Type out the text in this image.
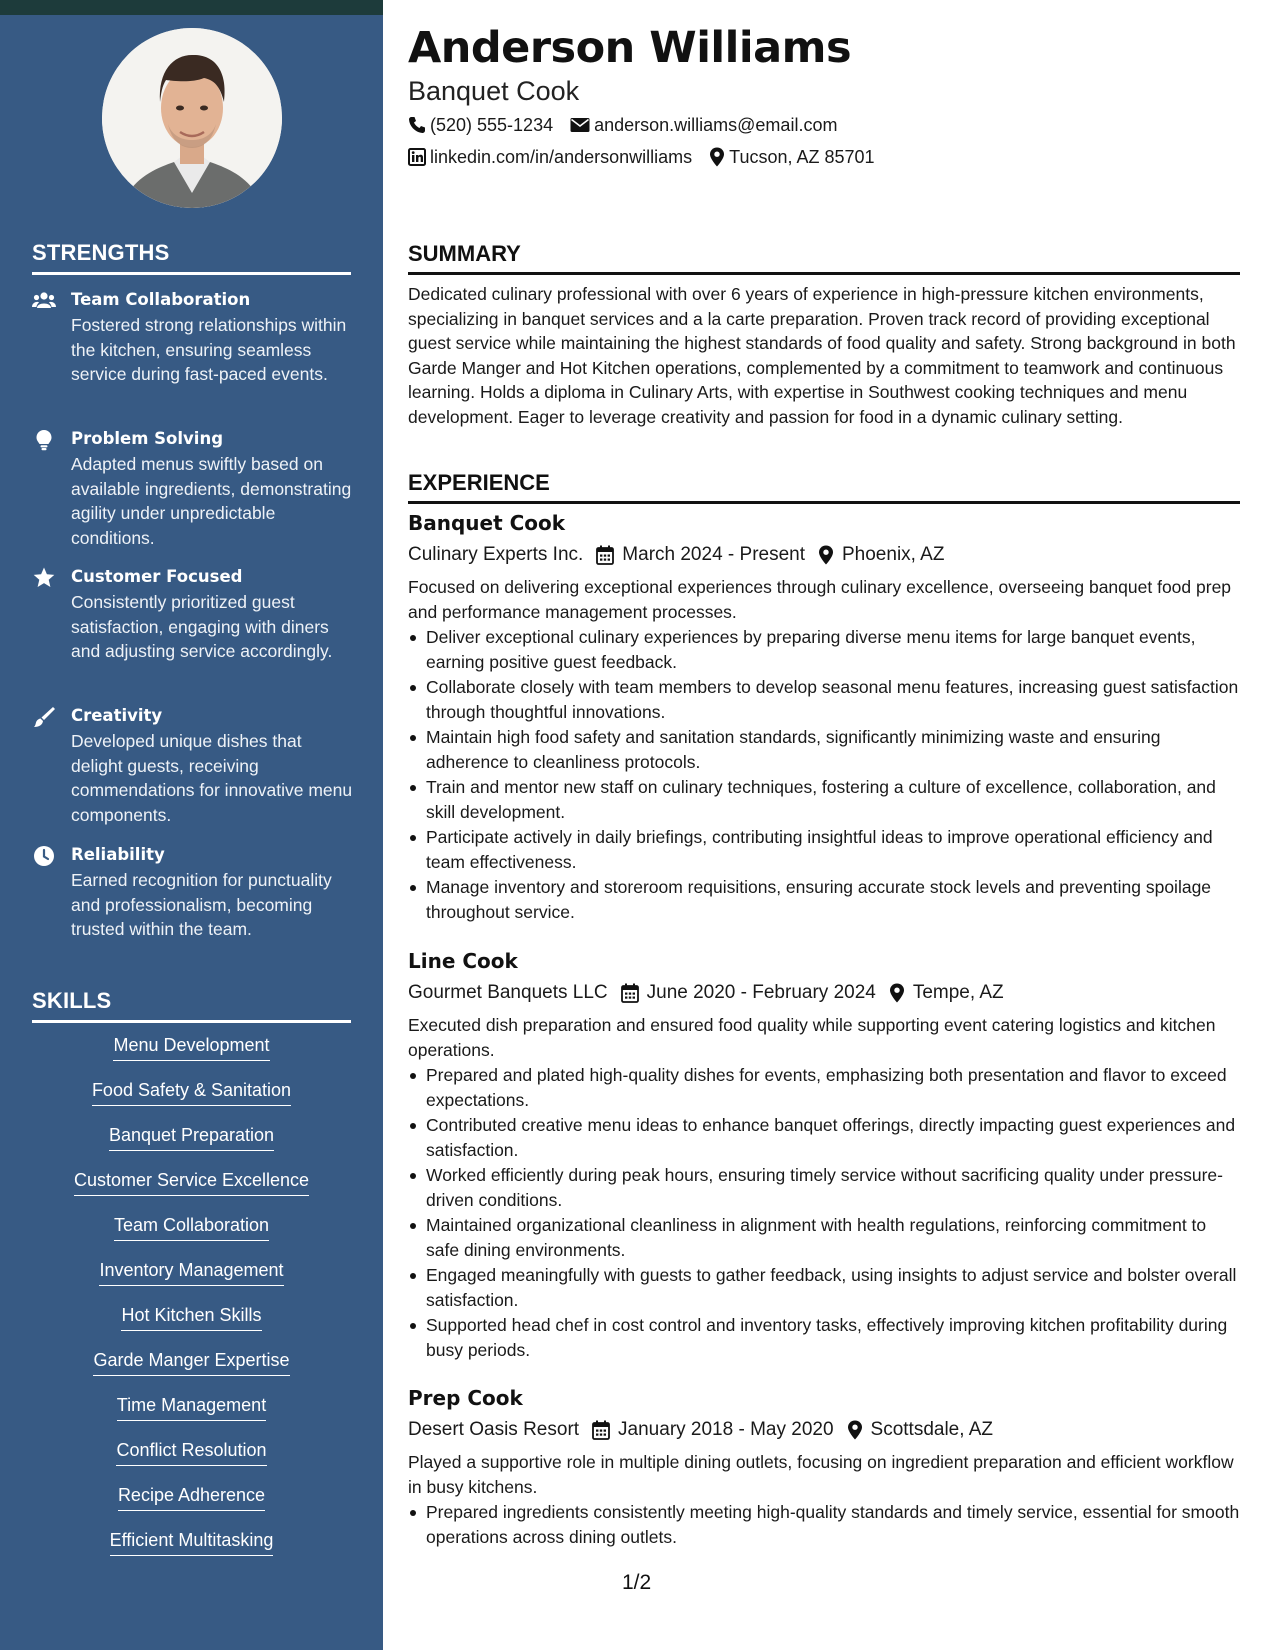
STRENGTHS
Team Collaboration
Fostered strong relationships within the kitchen, ensuring seamless service during fast-paced events.
Problem Solving
Adapted menus swiftly based on available ingredients, demonstrating agility under unpredictable conditions.
Customer Focused
Consistently prioritized guest satisfaction, engaging with diners and adjusting service accordingly.
Creativity
Developed unique dishes that delight guests, receiving commendations for innovative menu components.
Reliability
Earned recognition for punctuality and professionalism, becoming trusted within the team.
SKILLS
Menu Development
Food Safety & Sanitation
Banquet Preparation
Customer Service Excellence
Team Collaboration
Inventory Management
Hot Kitchen Skills
Garde Manger Expertise
Time Management
Conflict Resolution
Recipe Adherence
Efficient Multitasking
Anderson Williams
Banquet Cook
(520) 555-1234 anderson.williams@email.com
linkedin.com/in/andersonwilliams Tucson, AZ 85701
SUMMARY
Dedicated culinary professional with over 6 years of experience in high-pressure kitchen environments, specializing in banquet services and a la carte preparation. Proven track record of providing exceptional guest service while maintaining the highest standards of food quality and safety. Strong background in both Garde Manger and Hot Kitchen operations, complemented by a commitment to teamwork and continuous learning. Holds a diploma in Culinary Arts, with expertise in Southwest cooking techniques and menu development. Eager to leverage creativity and passion for food in a dynamic culinary setting.
EXPERIENCE
Banquet Cook
Culinary Experts Inc. March 2024 - Present Phoenix, AZ
Focused on delivering exceptional experiences through culinary excellence, overseeing banquet food prep and performance management processes.
Deliver exceptional culinary experiences by preparing diverse menu items for large banquet events, earning positive guest feedback.
Collaborate closely with team members to develop seasonal menu features, increasing guest satisfaction through thoughtful innovations.
Maintain high food safety and sanitation standards, significantly minimizing waste and ensuring adherence to cleanliness protocols.
Train and mentor new staff on culinary techniques, fostering a culture of excellence, collaboration, and skill development.
Participate actively in daily briefings, contributing insightful ideas to improve operational efficiency and team effectiveness.
Manage inventory and storeroom requisitions, ensuring accurate stock levels and preventing spoilage throughout service.
Line Cook
Gourmet Banquets LLC June 2020 - February 2024 Tempe, AZ
Executed dish preparation and ensured food quality while supporting event catering logistics and kitchen operations.
Prepared and plated high-quality dishes for events, emphasizing both presentation and flavor to exceed expectations.
Contributed creative menu ideas to enhance banquet offerings, directly impacting guest experiences and satisfaction.
Worked efficiently during peak hours, ensuring timely service without sacrificing quality under pressure-driven conditions.
Maintained organizational cleanliness in alignment with health regulations, reinforcing commitment to safe dining environments.
Engaged meaningfully with guests to gather feedback, using insights to adjust service and bolster overall satisfaction.
Supported head chef in cost control and inventory tasks, effectively improving kitchen profitability during busy periods.
Prep Cook
Desert Oasis Resort January 2018 - May 2020 Scottsdale, AZ
Played a supportive role in multiple dining outlets, focusing on ingredient preparation and efficient workflow in busy kitchens.
Prepared ingredients consistently meeting high-quality standards and timely service, essential for smooth operations across dining outlets.
1/2
